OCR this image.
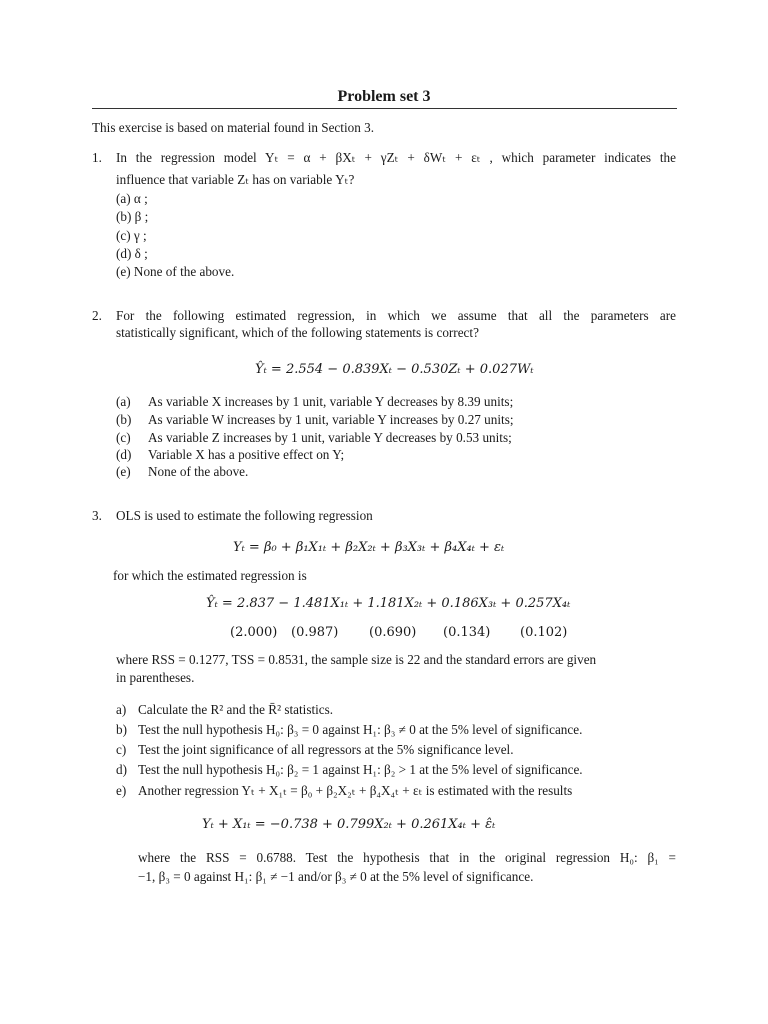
Problem set 3
This exercise is based on material found in Section 3.
1. In the regression model Yₜ = α + βXₜ + γZₜ + δWₜ + εₜ , which parameter indicates the
influence that variable Zₜ has on variable Yₜ?
(a) α ;
(b) β ;
(c) γ ;
(d) δ ;
(e) None of the above.
2. For the following estimated regression, in which we assume that all the parameters are
statistically significant, which of the following statements is correct?
Ŷₜ = 2.554 − 0.839Xₜ − 0.530Zₜ + 0.027Wₜ
(a) As variable X increases by 1 unit, variable Y decreases by 8.39 units;
(b) As variable W increases by 1 unit, variable Y increases by 0.27 units;
(c) As variable Z increases by 1 unit, variable Y decreases by 0.53 units;
(d) Variable X has a positive effect on Y;
(e) None of the above.
3. OLS is used to estimate the following regression
Yₜ = β₀ + β₁X₁ₜ + β₂X₂ₜ + β₃X₃ₜ + β₄X₄ₜ + εₜ
for which the estimated regression is
Ŷₜ = 2.837 − 1.481X₁ₜ + 1.181X₂ₜ + 0.186X₃ₜ + 0.257X₄ₜ
(2.000) (0.987) (0.690) (0.134) (0.102)
where RSS = 0.1277, TSS = 0.8531, the sample size is 22 and the standard errors are given
in parentheses.
a) Calculate the R² and the R̄² statistics.
b) Test the null hypothesis H₀: β₃ = 0 against H₁: β₃ ≠ 0 at the 5% level of significance.
c) Test the joint significance of all regressors at the 5% significance level.
d) Test the null hypothesis H₀: β₂ = 1 against H₁: β₂ > 1 at the 5% level of significance.
e) Another regression Yₜ + X₁ₜ = β₀ + β₂X₂ₜ + β₄X₄ₜ + εₜ is estimated with the results
Yₜ + X₁ₜ = −0.738 + 0.799X₂ₜ + 0.261X₄ₜ + ε̂ₜ
where the RSS = 0.6788. Test the hypothesis that in the original regression H₀: β₁ =
−1, β₃ = 0 against H₁: β₁ ≠ −1 and/or β₃ ≠ 0 at the 5% level of significance.
